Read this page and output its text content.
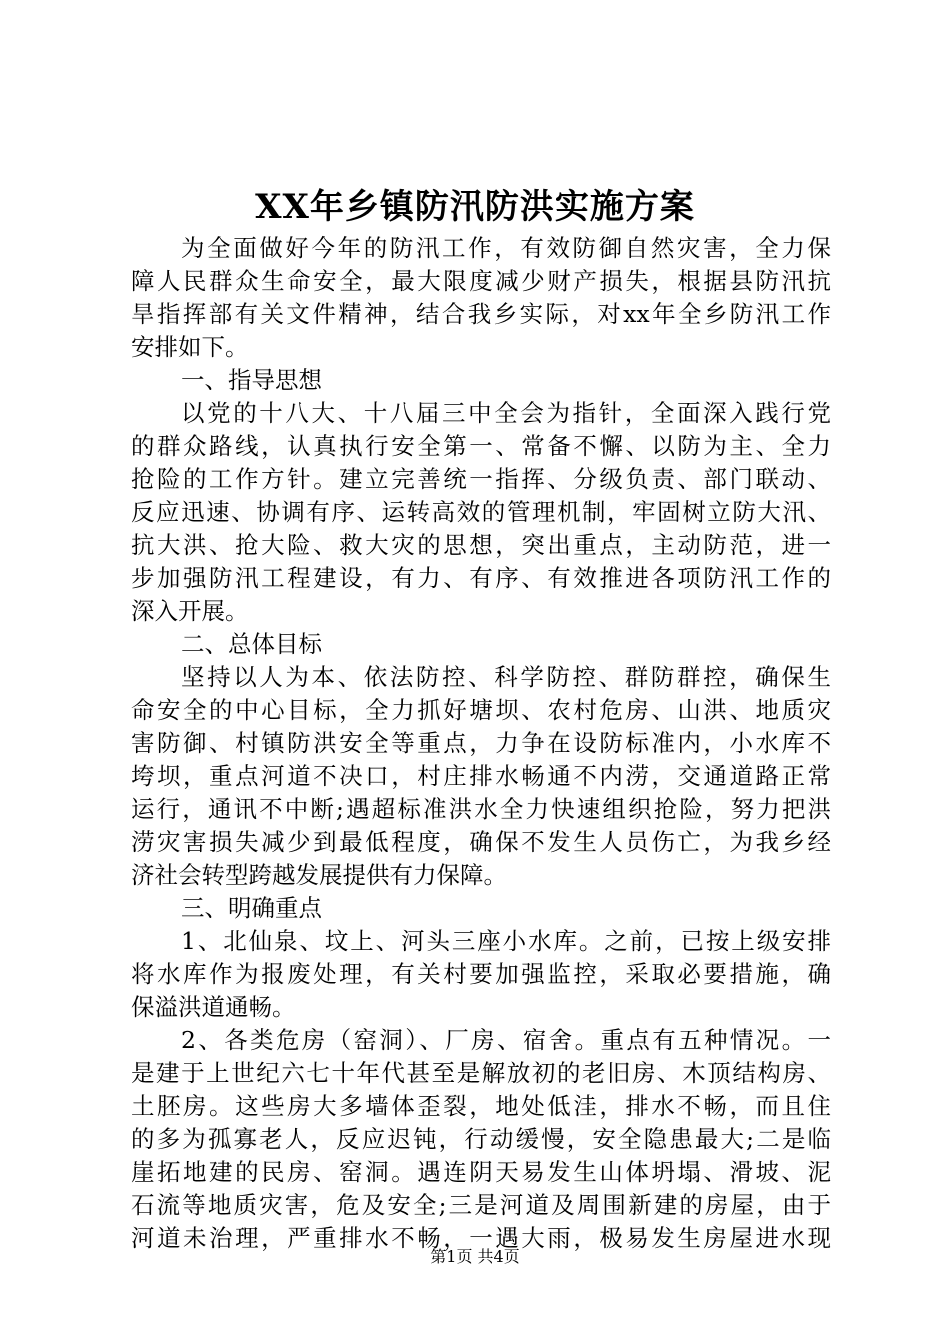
XX年乡镇防汛防洪实施方案
为全面做好今年的防汛工作，有效防御自然灾害，全力保
障人民群众生命安全，最大限度减少财产损失，根据县防汛抗
旱指挥部有关文件精神，结合我乡实际，对xx年全乡防汛工作
安排如下。
一、指导思想
以党的十八大、十八届三中全会为指针，全面深入践行党
的群众路线，认真执行安全第一、常备不懈、以防为主、全力
抢险的工作方针。建立完善统一指挥、分级负责、部门联动、
反应迅速、协调有序、运转高效的管理机制，牢固树立防大汛、
抗大洪、抢大险、救大灾的思想，突出重点，主动防范，进一
步加强防汛工程建设，有力、有序、有效推进各项防汛工作的
深入开展。
二、总体目标
坚持以人为本、依法防控、科学防控、群防群控，确保生
命安全的中心目标，全力抓好塘坝、农村危房、山洪、地质灾
害防御、村镇防洪安全等重点，力争在设防标准内，小水库不
垮坝，重点河道不决口，村庄排水畅通不内涝，交通道路正常
运行，通讯不中断;遇超标准洪水全力快速组织抢险，努力把洪
涝灾害损失减少到最低程度，确保不发生人员伤亡，为我乡经
济社会转型跨越发展提供有力保障。
三、明确重点
1、北仙泉、坟上、河头三座小水库。之前，已按上级安排
将水库作为报废处理，有关村要加强监控，采取必要措施，确
保溢洪道通畅。
2、各类危房（窑洞）、厂房、宿舍。重点有五种情况。一
是建于上世纪六七十年代甚至是解放初的老旧房、木顶结构房、
土胚房。这些房大多墙体歪裂，地处低洼，排水不畅，而且住
的多为孤寡老人，反应迟钝，行动缓慢，安全隐患最大;二是临
崖拓地建的民房、窑洞。遇连阴天易发生山体坍塌、滑坡、泥
石流等地质灾害，危及安全;三是河道及周围新建的房屋，由于
河道未治理，严重排水不畅，一遇大雨，极易发生房屋进水现
第1页 共4页
